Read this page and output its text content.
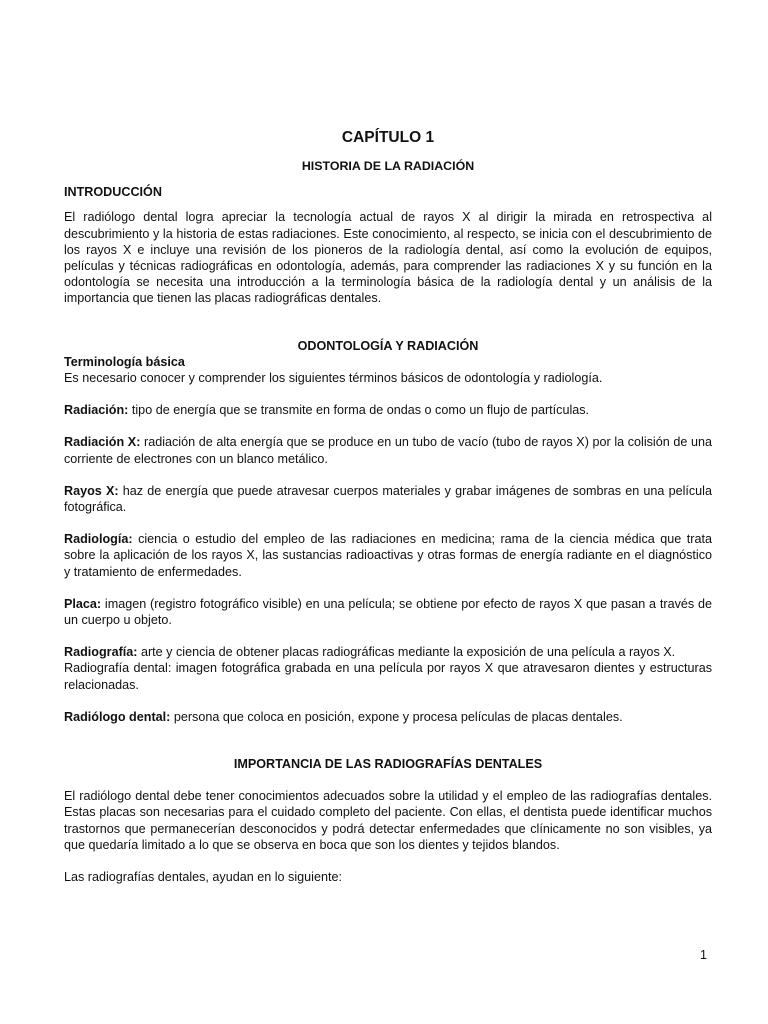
CAPÍTULO 1
HISTORIA DE LA RADIACIÓN
INTRODUCCIÓN

El radiólogo dental logra apreciar la tecnología actual de rayos X al dirigir la mirada en retrospectiva al descubrimiento y la historia de estas radiaciones. Este conocimiento, al respecto, se inicia con el descubrimiento de los rayos X e incluye una revisión de los pioneros de la radiología dental, así como la evolución de equipos, películas y técnicas radiográficas en odontología, además, para comprender las radiaciones X y su función en la odontología se necesita una introducción a la terminología básica de la radiología dental y un análisis de la importancia que tienen las placas radiográficas dentales.

ODONTOLOGÍA Y RADIACIÓN
Terminología básica

Es necesario conocer y comprender los siguientes términos básicos de odontología y radiología.

Radiación: tipo de energía que se transmite en forma de ondas o como un flujo de partículas.

Radiación X: radiación de alta energía que se produce en un tubo de vacío (tubo de rayos X) por la colisión de una corriente de electrones con un blanco metálico.

Rayos X: haz de energía que puede atravesar cuerpos materiales y grabar imágenes de sombras en una película fotográfica.

Radiología: ciencia o estudio del empleo de las radiaciones en medicina; rama de la ciencia médica que trata sobre la aplicación de los rayos X, las sustancias radioactivas y otras formas de energía radiante en el diagnóstico y tratamiento de enfermedades.

Placa: imagen (registro fotográfico visible) en una película; se obtiene por efecto de rayos X que pasan a través de un cuerpo u objeto.

Radiografía: arte y ciencia de obtener placas radiográficas mediante la exposición de una película a rayos X.

Radiografía dental: imagen fotográfica grabada en una película por rayos X que atravesaron dientes y estructuras relacionadas.

Radiólogo dental: persona que coloca en posición, expone y procesa películas de placas dentales.

IMPORTANCIA DE LAS RADIOGRAFÍAS DENTALES

El radiólogo dental debe tener conocimientos adecuados sobre la utilidad y el empleo de las radiografías dentales. Estas placas son necesarias para el cuidado completo del paciente. Con ellas, el dentista puede identificar muchos trastornos que permanecerían desconocidos y podrá detectar enfermedades que clínicamente no son visibles, ya que quedaría limitado a lo que se observa en boca que son los dientes y tejidos blandos.

Las radiografías dentales, ayudan en lo siguiente:

1
